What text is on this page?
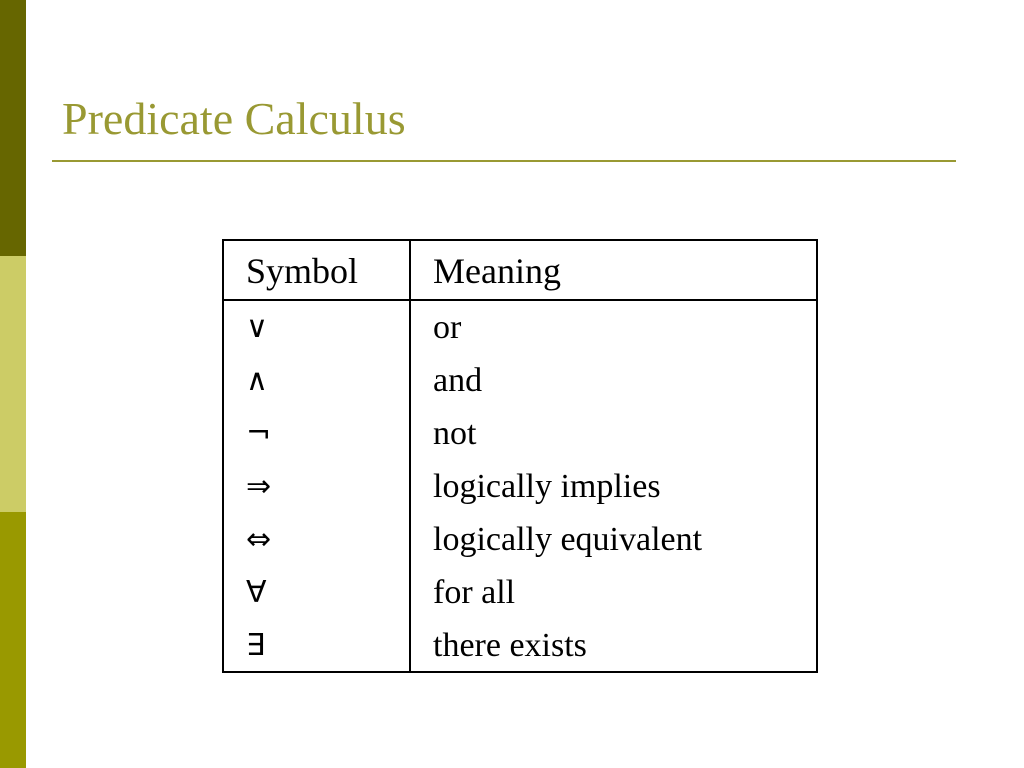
Predicate Calculus
Symbol	Meaning
∨	or
∧	and
¬	not
⇒	logically implies
⇔	logically equivalent
∀	for all
∃	there exists
